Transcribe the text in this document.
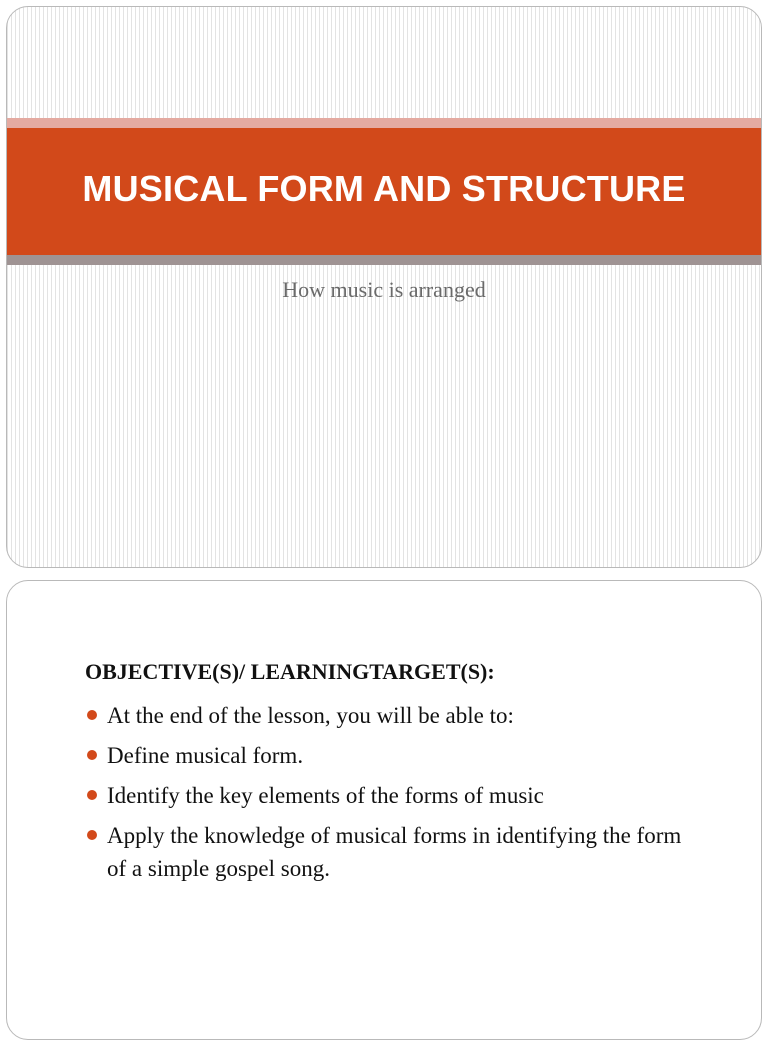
MUSICAL FORM AND STRUCTURE

How music is arranged

OBJECTIVE(S)/ LEARNINGTARGET(S):
At the end of the lesson, you will be able to:
Define musical form.
Identify the key elements of the forms of music
Apply the knowledge of musical forms in identifying the form of a simple gospel song.
